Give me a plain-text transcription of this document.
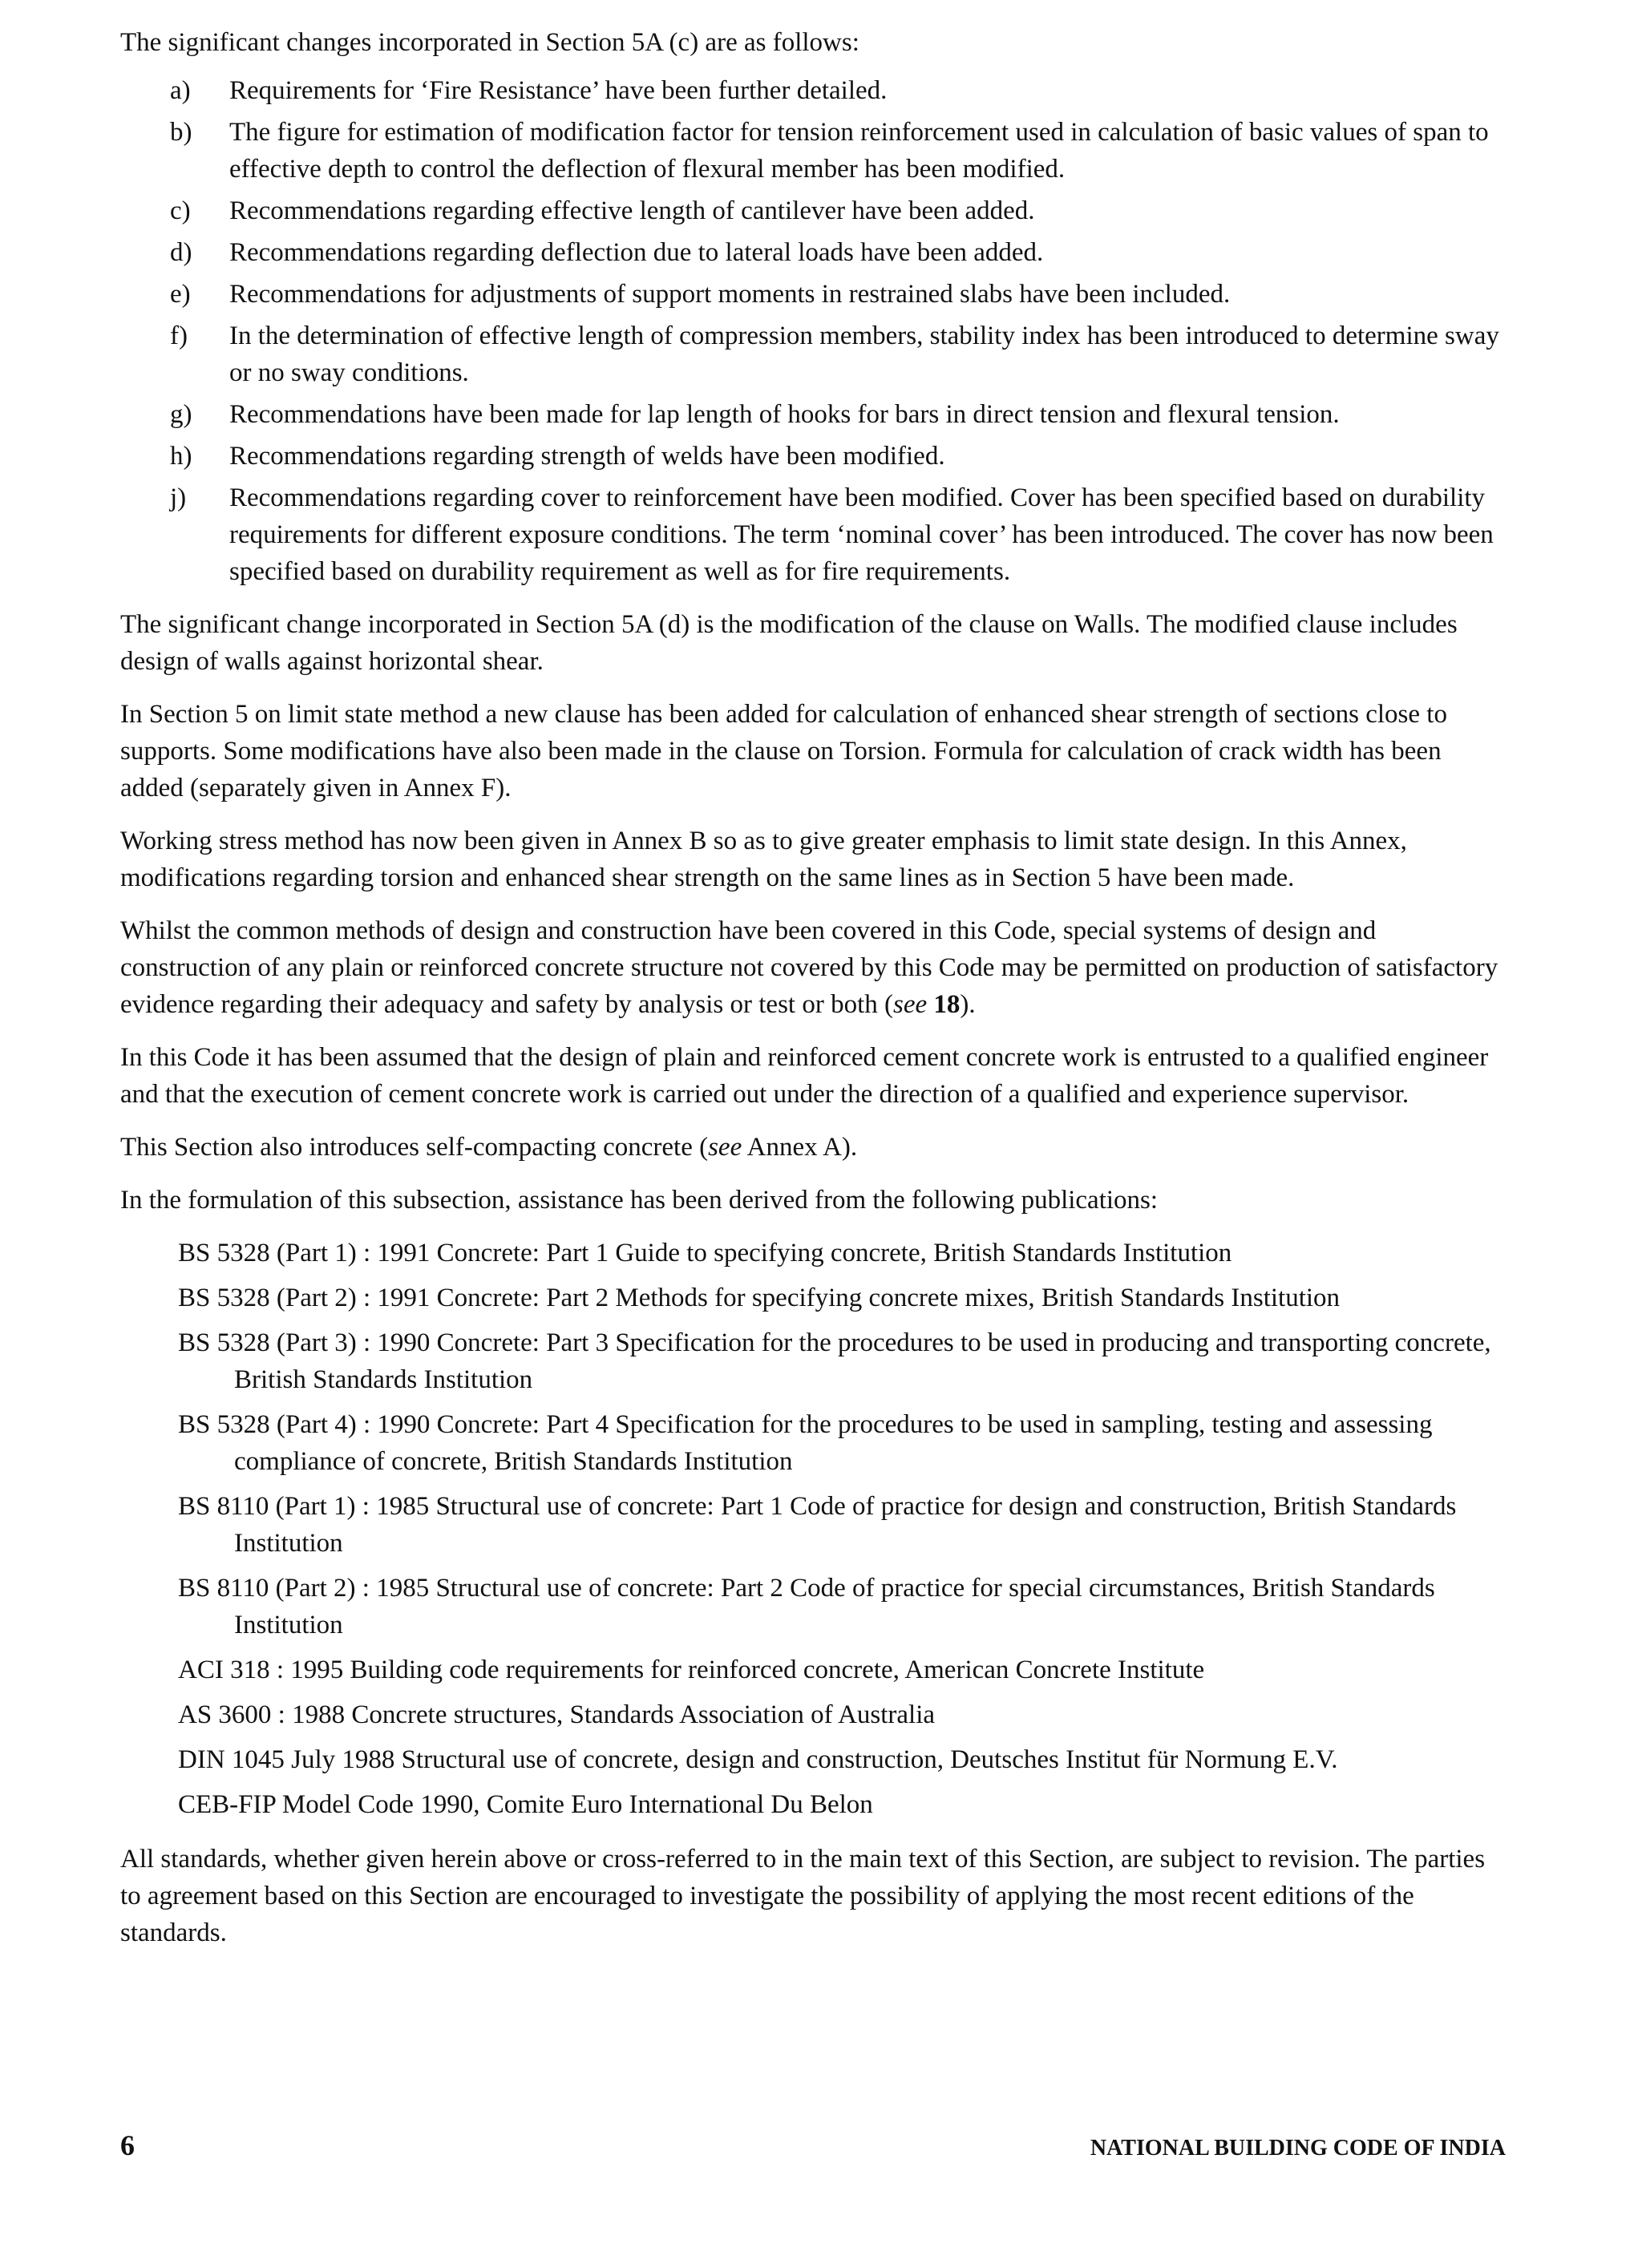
The significant changes incorporated in Section 5A (c) are as follows:

a)	Requirements for ‘Fire Resistance’ have been further detailed.
b)	The figure for estimation of modification factor for tension reinforcement used in calculation of basic values of span to effective depth to control the deflection of flexural member has been modified.
c)	Recommendations regarding effective length of cantilever have been added.
d)	Recommendations regarding deflection due to lateral loads have been added.
e)	Recommendations for adjustments of support moments in restrained slabs have been included.
f)	In the determination of effective length of compression members, stability index has been introduced to determine sway or no sway conditions.
g)	Recommendations have been made for lap length of hooks for bars in direct tension and flexural tension.
h)	Recommendations regarding strength of welds have been modified.
j)	Recommendations regarding cover to reinforcement have been modified. Cover has been specified based on durability requirements for different exposure conditions. The term ‘nominal cover’ has been introduced. The cover has now been specified based on durability requirement as well as for fire requirements.

The significant change incorporated in Section 5A (d) is the modification of the clause on Walls. The modified clause includes design of walls against horizontal shear.

In Section 5 on limit state method a new clause has been added for calculation of enhanced shear strength of sections close to supports. Some modifications have also been made in the clause on Torsion. Formula for calculation of crack width has been added (separately given in Annex F).

Working stress method has now been given in Annex B so as to give greater emphasis to limit state design. In this Annex, modifications regarding torsion and enhanced shear strength on the same lines as in Section 5 have been made.

Whilst the common methods of design and construction have been covered in this Code, special systems of design and construction of any plain or reinforced concrete structure not covered by this Code may be permitted on production of satisfactory evidence regarding their adequacy and safety by analysis or test or both (see 18).

In this Code it has been assumed that the design of plain and reinforced cement concrete work is entrusted to a qualified engineer and that the execution of cement concrete work is carried out under the direction of a qualified and experience supervisor.

This Section also introduces self-compacting concrete (see Annex A).

In the formulation of this subsection, assistance has been derived from the following publications:

BS 5328 (Part 1) : 1991 Concrete: Part 1 Guide to specifying concrete, British Standards Institution
BS 5328 (Part 2) : 1991 Concrete: Part 2 Methods for specifying concrete mixes, British Standards Institution
BS 5328 (Part 3) : 1990 Concrete: Part 3 Specification for the procedures to be used in producing and transporting concrete, British Standards Institution
BS 5328 (Part 4) : 1990 Concrete: Part 4 Specification for the procedures to be used in sampling, testing and assessing compliance of concrete, British Standards Institution
BS 8110 (Part 1) : 1985 Structural use of concrete: Part 1 Code of practice for design and construction, British Standards Institution
BS 8110 (Part 2) : 1985 Structural use of concrete: Part 2 Code of practice for special circumstances, British Standards Institution
ACI 318 : 1995 Building code requirements for reinforced concrete, American Concrete Institute
AS 3600 : 1988 Concrete structures, Standards Association of Australia
DIN 1045 July 1988 Structural use of concrete, design and construction, Deutsches Institut für Normung E.V.
CEB-FIP Model Code 1990, Comite Euro International Du Belon

All standards, whether given herein above or cross-referred to in the main text of this Section, are subject to revision. The parties to agreement based on this Section are encouraged to investigate the possibility of applying the most recent editions of the standards.

6	NATIONAL BUILDING CODE OF INDIA
